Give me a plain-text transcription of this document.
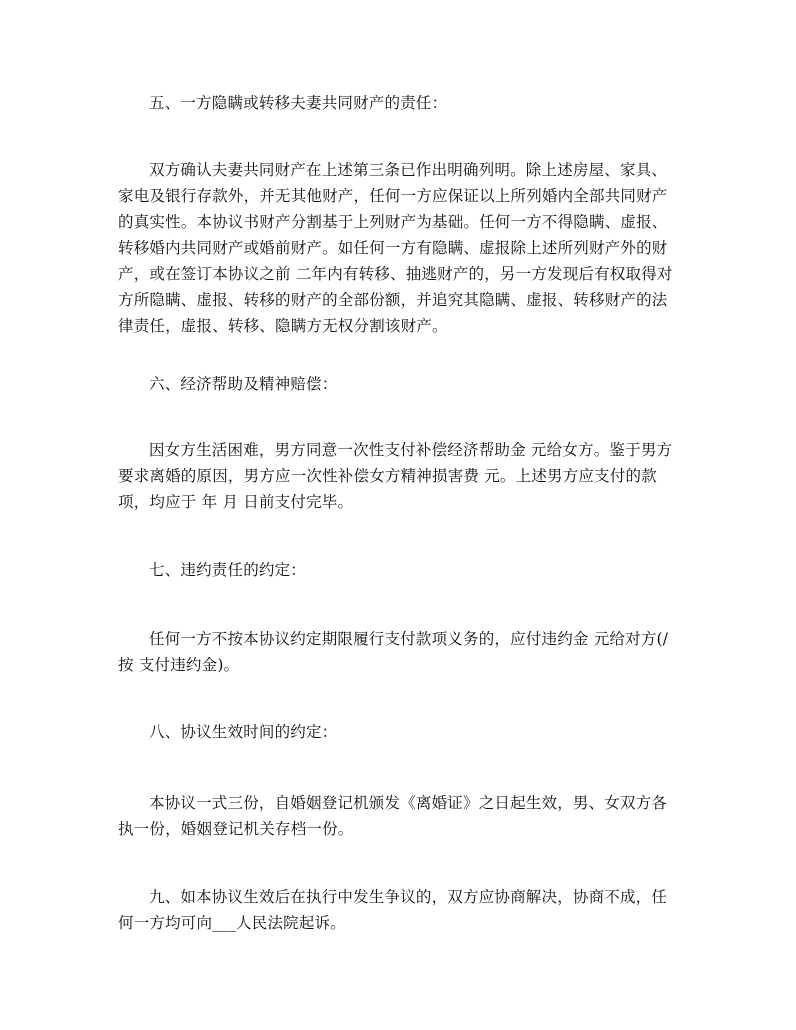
五、一方隐瞒或转移夫妻共同财产的责任：
双方确认夫妻共同财产在上述第三条已作出明确列明。除上述房屋、家具、
家电及银行存款外，并无其他财产，任何一方应保证以上所列婚内全部共同财产
的真实性。本协议书财产分割基于上列财产为基础。任何一方不得隐瞒、虚报、
转移婚内共同财产或婚前财产。如任何一方有隐瞒、虚报除上述所列财产外的财
产，或在签订本协议之前 二年内有转移、抽逃财产的，另一方发现后有权取得对
方所隐瞒、虚报、转移的财产的全部份额，并追究其隐瞒、虚报、转移财产的法
律责任，虚报、转移、隐瞒方无权分割该财产。
六、经济帮助及精神赔偿：
因女方生活困难，男方同意一次性支付补偿经济帮助金 元给女方。鉴于男方
要求离婚的原因，男方应一次性补偿女方精神损害费 元。上述男方应支付的款
项，均应于 年 月 日前支付完毕。
七、违约责任的约定：
任何一方不按本协议约定期限履行支付款项义务的，应付违约金 元给对方(/
按 支付违约金)。
八、协议生效时间的约定：
本协议一式三份，自婚姻登记机颁发《离婚证》之日起生效，男、女双方各
执一份，婚姻登记机关存档一份。
九、如本协议生效后在执行中发生争议的，双方应协商解决，协商不成，任
何一方均可向___人民法院起诉。
